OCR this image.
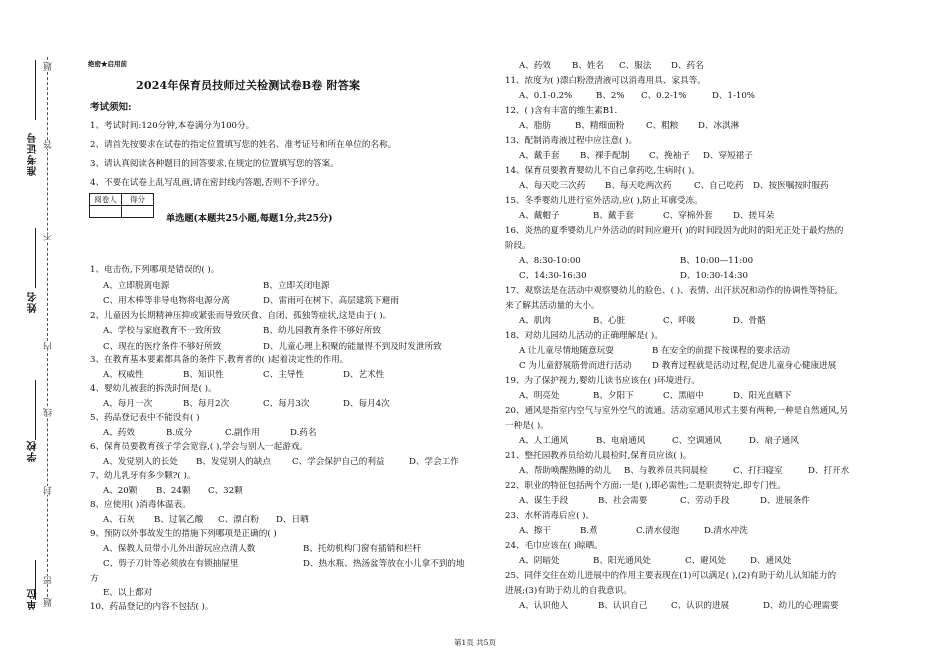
准考证号
姓名
学校
单位
题
答
不
内
线
封
密
题
绝密★启用前
2024年保育员技师过关检测试卷B卷 附答案
考试须知:
1、考试时间:120分钟,本卷满分为100分。
2、请首先按要求在试卷的指定位置填写您的姓名、准考证号和所在单位的名称。
3、请认真阅读各种题目的回答要求,在规定的位置填写您的答案。
4、不要在试卷上乱写乱画,请在密封线内答题,否则不予评分。
阅卷人	得分

单选题(本题共25小题,每题1分,共25分)
1、电击伤,下列哪项是错误的( )。
A、立即脱离电源	B、立即关闭电源
C、用木棒等非导电物将电源分离	D、雷雨可在树下、高层建筑下避雨
2、儿童因为长期精神压抑或紧张而导致厌食、自闭、孤独等症状,这是由于( )。
A、学校与家庭教育不一致所致	B、幼儿园教育条件不够好所致
C、现在的医疗条件不够好所致	D、儿童心理上积聚的能量得不到及时发泄所致
3、在教育基本要素都具备的条件下,教育者的( )起着决定性的作用。
A、权威性	B、知识性	C、主导性	D、艺术性
4、婴幼儿被套的拆洗时间是( )。
A、每月一次	B、每月2次	C、每月3次	D、每月4次
5、药品登记表中不能没有( )
A、药效	B.成分	C.副作用	D.药名
6、保育员要教育孩子学会宽容,( ),学会与别人一起游戏。
A、发觉别人的长处 B、发觉别人的缺点 C、学会保护自己的利益	D、学会工作
7、幼儿乳牙有多少颗?( )。
A、20颗 B、24颗 C、32颗
8、应使用( )消毒体温表。
A、石灰 B、过氧乙酸 C、漂白粉 D、日晒
9、预防以外事故发生的措施下列哪项是正确的( )
A、保教人员带小儿外出游玩应点清人数	B、托幼机构门窗有插销和栏杆
C、剪子刀针等必须放在有锁抽屉里	D、热水瓶、热汤盆等放在小儿拿不到的地
方
E、以上都对
10、药品登记的内容不包括( )。
A、药效 B、姓名 C、服法 D、药名
11、浓度为( )漂白粉澄清液可以消毒用具、家具等。
A、0.1-0.2%	B、2% C、0.2-1%	D、1-10%
12、( )含有丰富的维生素B1.
A、脂肪	B、精细面粉	C、粗粮 D、冰淇淋
13、配制消毒液过程中应注意( )。
A、戴手套 B、裸手配制 C、挽袖子 D、穿短裙子
14、保育员要教育婴幼儿不自己拿药吃,生病时( )。
A、每天吃三次药 B、每天吃两次药	C、自己吃药 D、按医嘱按时服药
15、冬季婴幼儿进行室外活动,应( ),防止耳廓受冻。
A、戴帽子	B、戴手套	C、穿棉外套 D、搓耳朵
16、炎热的夏季婴幼儿户外活动的时间应避开( )的时间段因为此时的阳光正处于最灼热的
阶段。
A、8:30-10:00	B、10:00—11:00
C、14:30-16:30	D、10:30-14:30
17、观察法是在活动中观察婴幼儿的脸色、( )、表情、出汗状况和动作的协调性等特征,
来了解其活动量的大小。
A、肌肉	B、心脏	C、呼吸	D、骨骼
18、对幼儿园幼儿活动的正确理解是( )。
A 让儿童尽情地随意玩耍	B 在安全的前提下按课程的要求活动
C 为儿童舒展筋骨而进行活动 D 教育过程就是活动过程,促进儿童身心健康进展
19、为了保护视力,婴幼儿读书应该在( )环境进行。
A、明亮处	B、夕阳下	C、黑暗中	D、阳光直晒下
20、通风是指室内空气与室外空气的流通。活动室通风形式主要有两种,一种是自然通风,另
一种是( )。
A、人工通风	B、电扇通风	C、空调通风	D、扇子通风
21、整托园教养员给幼儿晨检时,保育员应该( )。
A、帮助唤醒熟睡的幼儿 B、与教养员共同晨检	C、打扫寝室	D、打开水
22、职业的特征包括两个方面:一是( ),即必需性;二是职责特定,即专门性。
A、谋生手段	B、社会需要	C、劳动手段	D、进展条件
23、水杯消毒后应( )。
A、擦干	B.煮	C.清水侵泡	D.清水冲洗
24、毛巾应该在( )晾晒。
A、阴暗处	B、阳光通风处	C、避风处	D、通风处
25、同伴交往在幼儿进展中的作用主要表现在(1)可以满足( ),(2)有助于幼儿认知能力的
进展;(3)有助于幼儿的自我意识。
A、认识他人	B、认识自己	C、认识的进展	D、幼儿的心理需要
第1页 共5页
